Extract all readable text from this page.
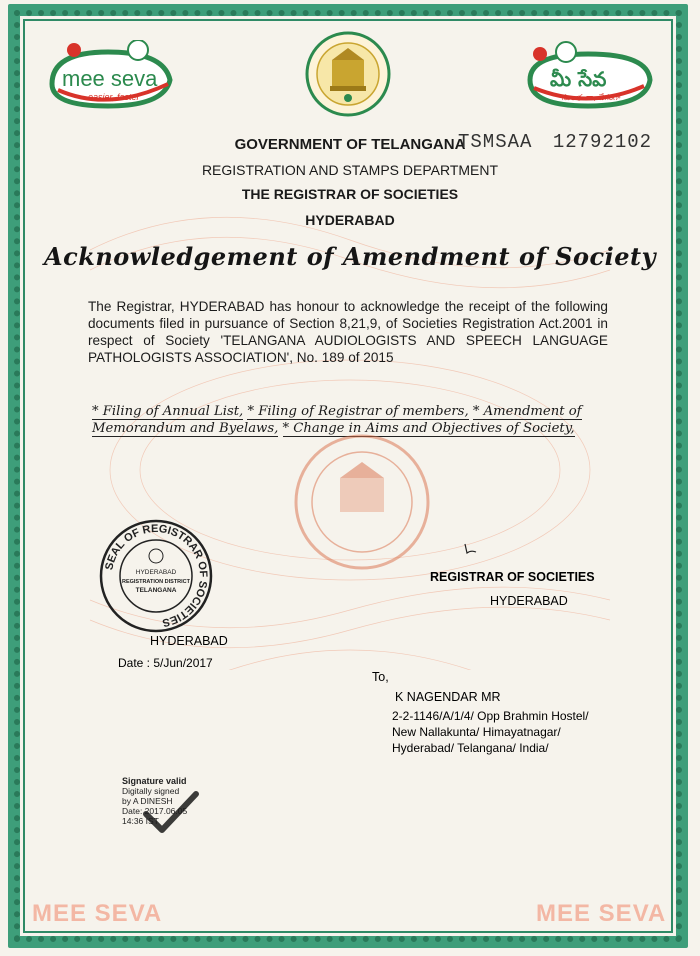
mee seva
easier, faster
మీ సేవ
సులభంగా, వేగంగా
GOVERNMENT OF TELANGANA
TSMSAA 12792102
REGISTRATION AND STAMPS DEPARTMENT
THE REGISTRAR OF SOCIETIES
HYDERABAD
Acknowledgement of Amendment of Society
The Registrar, HYDERABAD has honour to acknowledge the receipt of the following documents filed in pursuance of Section 8,21,9, of Societies Registration Act.2001 in respect of Society 'TELANGANA AUDIOLOGISTS AND SPEECH LANGUAGE PATHOLOGISTS ASSOCIATION', No. 189 of 2015
* Filing of Annual List, * Filing of Registrar of members, * Amendment of Memorandum and Byelaws, * Change in Aims and Objectives of Society,
SEAL OF REGISTRAR OF SOCIETIES
HYDERABAD
REGISTRATION DISTRICT
TELANGANA
REGISTRAR OF SOCIETIES
HYDERABAD
HYDERABAD
Date : 5/Jun/2017
To,
K NAGENDAR MR
2-2-1146/A/1/4/ Opp Brahmin Hostel/ New Nallakunta/ Himayatnagar/ Hyderabad/ Telangana/ India/
Signature valid
Digitally signed
by A DINESH
Date: 2017.06.05
14:36 IST
MEE SEVA	MEE SEVA
